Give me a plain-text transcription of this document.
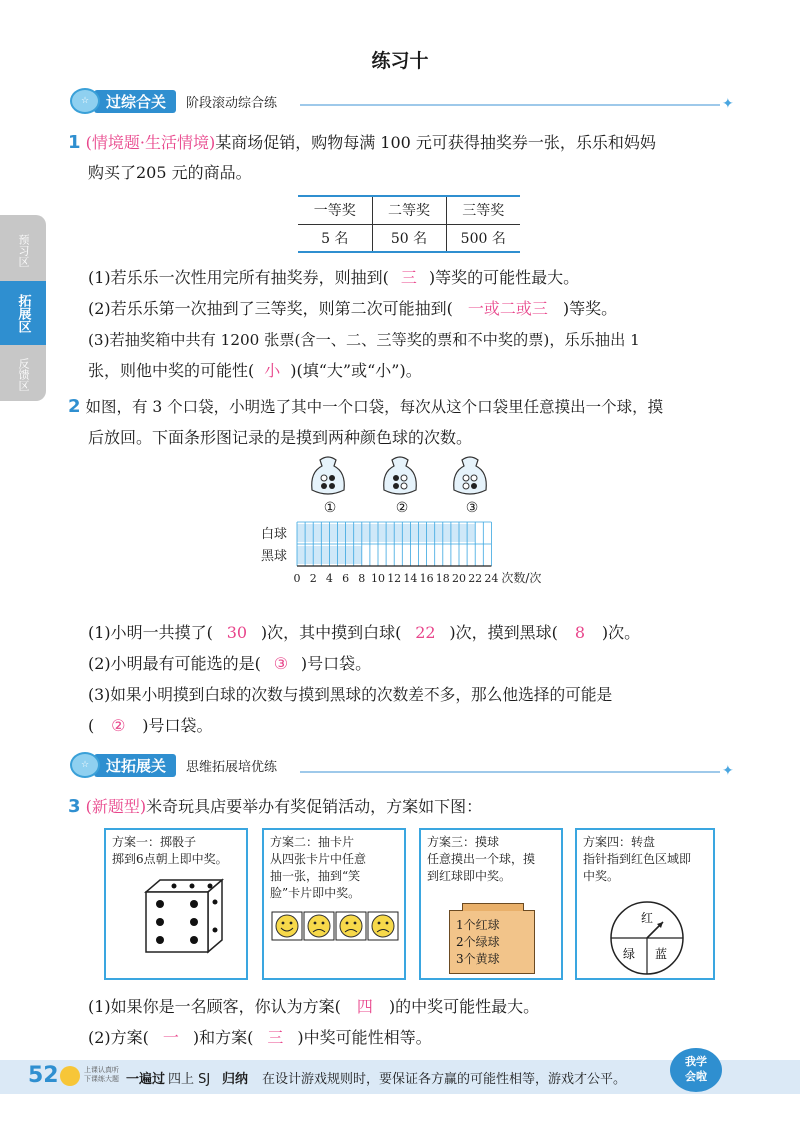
练习十
☆	过综合关	阶段滚动综合练	✦
预习区
拓展区
反馈区
1 (情境题·生活情境)某商场促销，购物每满 100 元可获得抽奖券一张，乐乐和妈妈
购买了205 元的商品。
一等奖	二等奖	三等奖
5 名	50 名	500 名
(1)若乐乐一次性用完所有抽奖券，则抽到( 三 )等奖的可能性最大。
(2)若乐乐第一次抽到了三等奖，则第二次可能抽到( 一或二或三 )等奖。
(3)若抽奖箱中共有 1200 张票(含一、二、三等奖的票和不中奖的票)，乐乐抽出 1
张，则他中奖的可能性( 小 )(填“大”或“小”)。
2 如图，有 3 个口袋，小明选了其中一个口袋，每次从这个口袋里任意摸出一个球，摸
后放回。下面条形图记录的是摸到两种颜色球的次数。
①	②	③
白球
黑球
0 2 4 6 8 10 12 14 16 18 20 22 24 次数/次
(1)小明一共摸了( 30 )次，其中摸到白球( 22 )次，摸到黑球( 8 )次。
(2)小明最有可能选的是( ③ )号口袋。
(3)如果小明摸到白球的次数与摸到黑球的次数差不多，那么他选择的可能是
( ② )号口袋。
☆	过拓展关	思维拓展培优练	✦
3 (新题型)米奇玩具店要举办有奖促销活动，方案如下图：
方案一：掷骰子
掷到6点朝上即中奖。
方案二：抽卡片
从四张卡片中任意
抽一张，抽到“笑
脸”卡片即中奖。
方案三：摸球
任意摸出一个球，摸
到红球即中奖。
1个红球
2个绿球
3个黄球
方案四：转盘
指针指到红色区域即
中奖。
红
绿 蓝
(1)如果你是一名顾客，你认为方案( 四 )的中奖可能性最大。
(2)方案( 一 )和方案( 三 )中奖可能性相等。
52	上课认真听
下课练大题 一遍过 四上 SJ 归纳 在设计游戏规则时，要保证各方赢的可能性相等，游戏才公平。
我学
会啦
